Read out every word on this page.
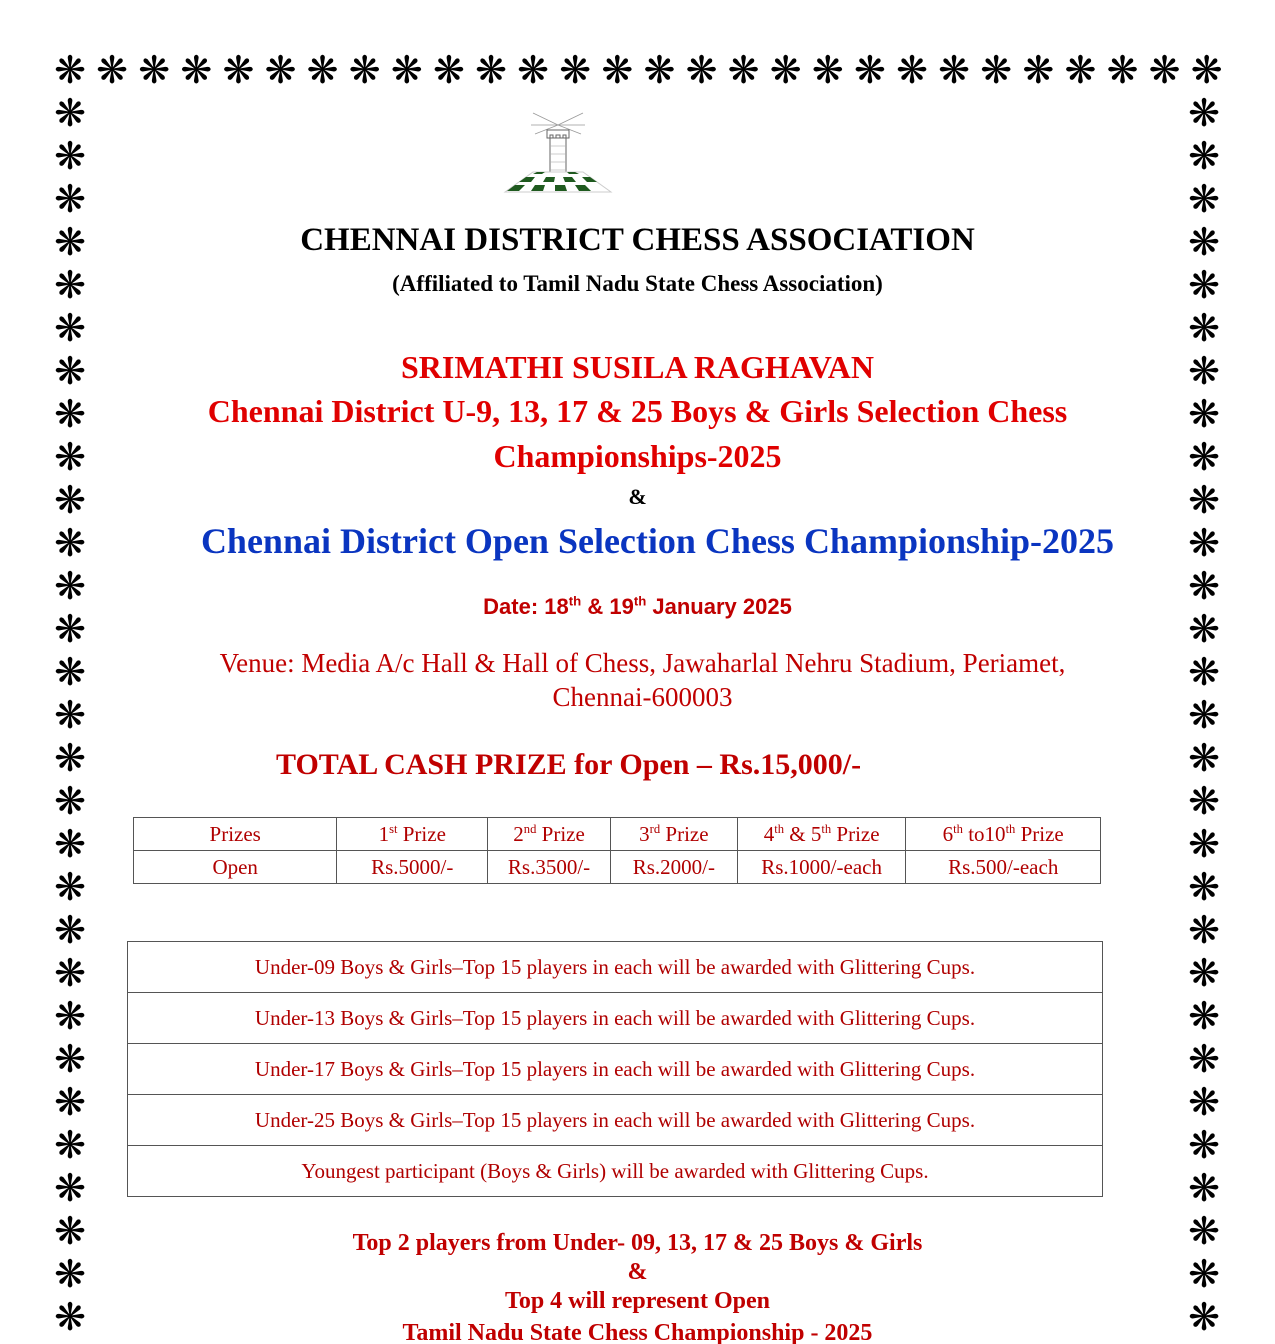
❋ ❋ ❋ ❋ ❋ ❋ ❋ ❋ ❋ ❋ ❋ ❋ ❋ ❋ ❋ ❋ ❋ ❋ ❋ ❋ ❋ ❋ ❋ ❋ ❋ ❋ ❋ ❋
❋	❋
❋	❋
❋	❋
❋	❋
❋	❋
❋	❋
❋	❋
❋	❋
❋	❋
❋	❋
❋	❋
❋	❋
❋	❋
❋	❋
❋	❋
❋	❋
❋	❋
❋	❋
❋	❋
❋	❋
❋	❋
❋	❋
❋	❋
❋	❋
❋	❋
❋	❋
❋	❋
❋	❋
❋	❋
CHENNAI DISTRICT CHESS ASSOCIATION
(Affiliated to Tamil Nadu State Chess Association)
SRIMATHI SUSILA RAGHAVAN
Chennai District U-9, 13, 17 & 25 Boys & Girls Selection Chess
Championships-2025
&
Chennai District Open Selection Chess Championship-2025
Date: 18th & 19th January 2025
Venue: Media A/c Hall & Hall of Chess, Jawaharlal Nehru Stadium, Periamet,
Chennai-600003
TOTAL CASH PRIZE for Open – Rs.15,000/-
Prizes	1st Prize	2nd Prize	3rd Prize	4th & 5th Prize	6th to10th Prize
Open	Rs.5000/-	Rs.3500/-	Rs.2000/-	Rs.1000/-each	Rs.500/-each
Under-09 Boys & Girls–Top 15 players in each will be awarded with Glittering Cups.
Under-13 Boys & Girls–Top 15 players in each will be awarded with Glittering Cups.
Under-17 Boys & Girls–Top 15 players in each will be awarded with Glittering Cups.
Under-25 Boys & Girls–Top 15 players in each will be awarded with Glittering Cups.
Youngest participant (Boys & Girls) will be awarded with Glittering Cups.
Top 2 players from Under- 09, 13, 17 & 25 Boys & Girls
&
Top 4 will represent Open
Tamil Nadu State Chess Championship - 2025
